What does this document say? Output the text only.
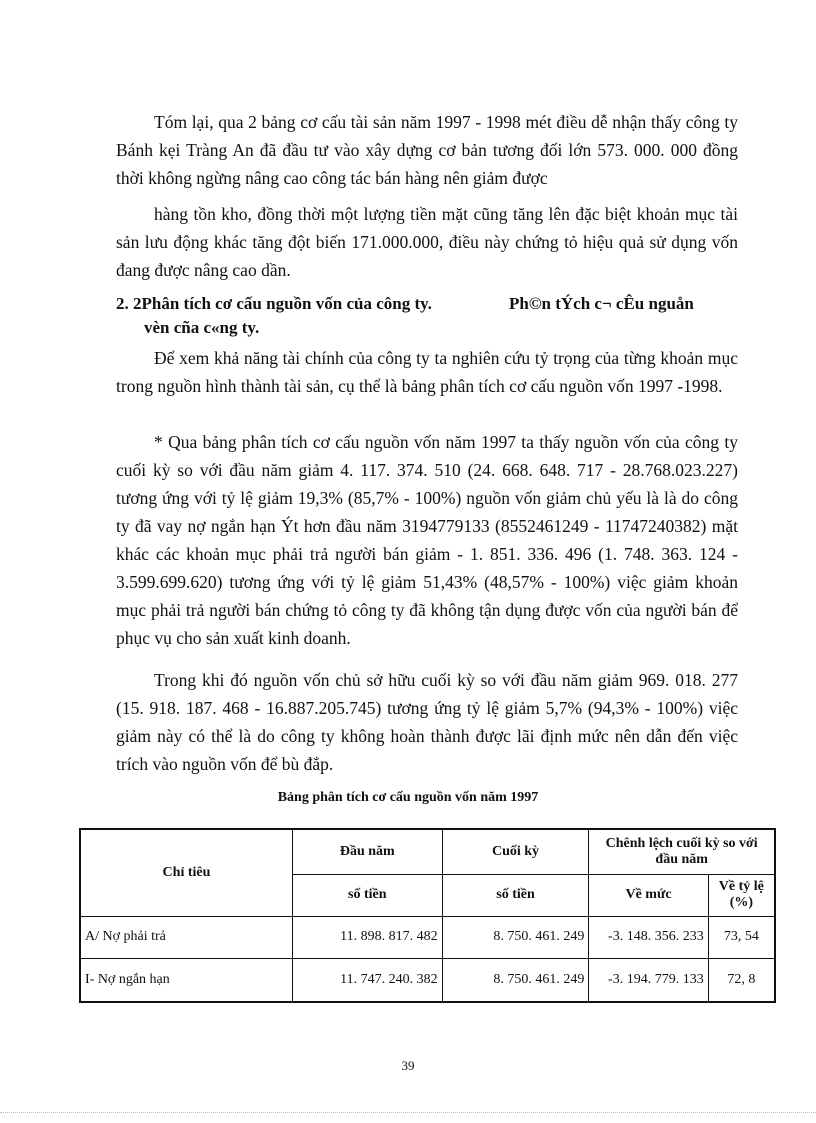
Tóm lại, qua 2 bảng cơ cấu tài sản năm 1997 - 1998 mét điều dễ nhận thấy công ty Bánh kẹi Tràng An đã đầu tư vào xây dựng cơ bản tương đối lớn 573. 000. 000 đồng thời không ngừng nâng cao công tác bán hàng nên giảm được

hàng tồn kho, đồng thời một lượng tiền mặt cũng tăng lên đặc biệt khoản mục tài sản lưu động khác tăng đột biến 171.000.000, điều này chứng tỏ hiệu quả sử dụng vốn đang được nâng cao dần.

2. 2Phân tích cơ cấu nguồn vốn của công ty.	Ph©n tÝch c¬ cÊu nguån
vèn cña c«ng ty.

Để xem khả năng tài chính của công ty ta nghiên cứu tỷ trọng của từng khoản mục trong nguồn hình thành tài sản, cụ thể là bảng phân tích cơ cấu nguồn vốn 1997 -1998.

* Qua bảng phân tích cơ cấu nguồn vốn năm 1997 ta thấy nguồn vốn của công ty cuối kỳ so với đầu năm giảm 4. 117. 374. 510 (24. 668. 648. 717 - 28.768.023.227) tương ứng với tỷ lệ giảm 19,3% (85,7% - 100%) nguồn vốn giảm chủ yếu là là do công ty đã vay nợ ngắn hạn Ýt hơn đầu năm 3194779133 (8552461249 - 11747240382) mặt khác các khoản mục phải trả người bán giảm - 1. 851. 336. 496 (1. 748. 363. 124 - 3.599.699.620) tương ứng với tỷ lệ giảm 51,43% (48,57% - 100%) việc giảm khoản mục phải trả người bán chứng tỏ công ty đã không tận dụng được vốn của người bán để phục vụ cho sản xuất kinh doanh.

Trong khi đó nguồn vốn chủ sở hữu cuối kỳ so với đầu năm giảm 969. 018. 277 (15. 918. 187. 468 - 16.887.205.745) tương ứng tỷ lệ giảm 5,7% (94,3% - 100%) việc giảm này có thể là do công ty không hoàn thành được lãi định mức nên dẫn đến việc trích vào nguồn vốn để bù đắp.

Bảng phân tích cơ cấu nguồn vốn năm 1997
Chỉ tiêu	Đầu năm	Cuối kỳ	Chênh lệch cuối kỳ so với đầu năm	
	số tiền	số tiền	Về mức	Về tỷ lệ (%)
A/ Nợ phải trả	11. 898. 817. 482	8. 750. 461. 249	-3. 148. 356. 233	73, 54
I- Nợ ngắn hạn	11. 747. 240. 382	8. 750. 461. 249	-3. 194. 779. 133	72, 8
39
